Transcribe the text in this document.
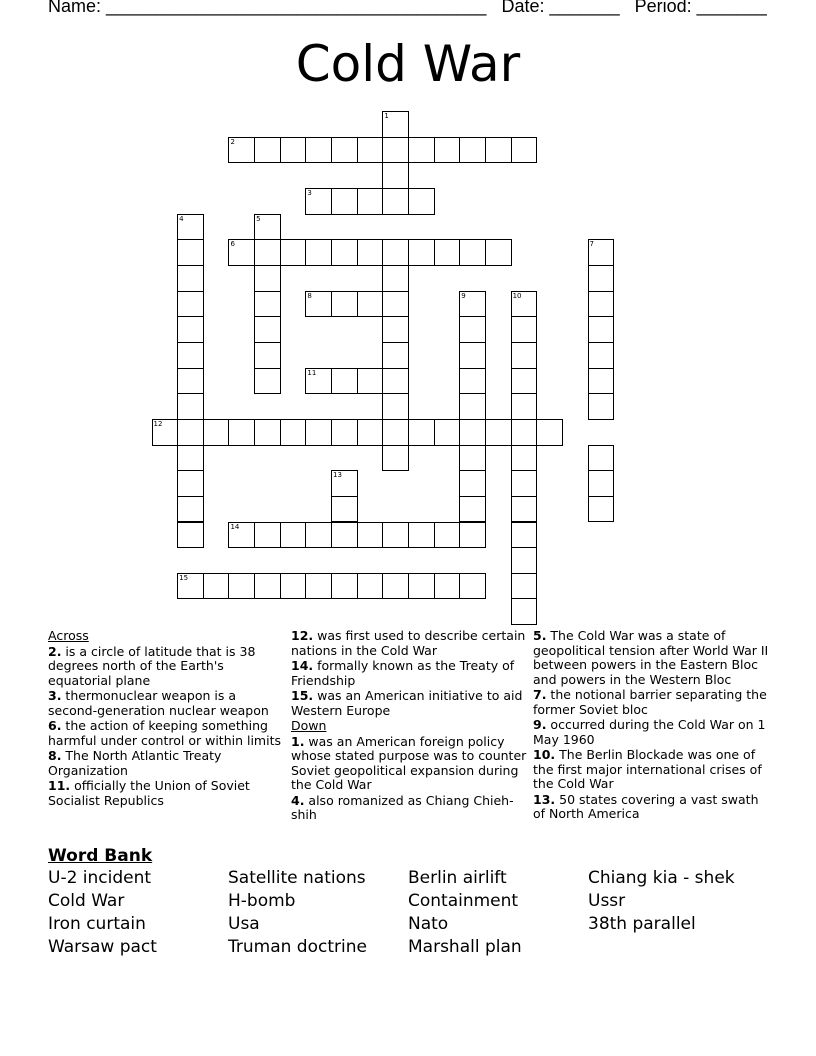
Name: ______________________________________ Date: _______ Period: _______
Cold War
1
2
3
4	5
6	7
8	9	10
11
12
13
14
15
Across
2. is a circle of latitude that is 38 degrees north of the Earth's equatorial plane
3. thermonuclear weapon is a second-generation nuclear weapon
6. the action of keeping something harmful under control or within limits
8. The North Atlantic Treaty Organization
11. officially the Union of Soviet Socialist Republics
12. was first used to describe certain nations in the Cold War
14. formally known as the Treaty of Friendship
15. was an American initiative to aid Western Europe
Down
1. was an American foreign policy whose stated purpose was to counter Soviet geopolitical expansion during the Cold War
4. also romanized as Chiang Chieh-shih
5. The Cold War was a state of geopolitical tension after World War II between powers in the Eastern Bloc and powers in the Western Bloc
7. the notional barrier separating the former Soviet bloc
9. occurred during the Cold War on 1 May 1960
10. The Berlin Blockade was one of the first major international crises of the Cold War
13. 50 states covering a vast swath of North America
Word Bank
U-2 incident	Satellite nations	Berlin airlift	Chiang kia - shek
Cold War	H-bomb	Containment	Ussr
Iron curtain	Usa	Nato	38th parallel
Warsaw pact	Truman doctrine	Marshall plan
